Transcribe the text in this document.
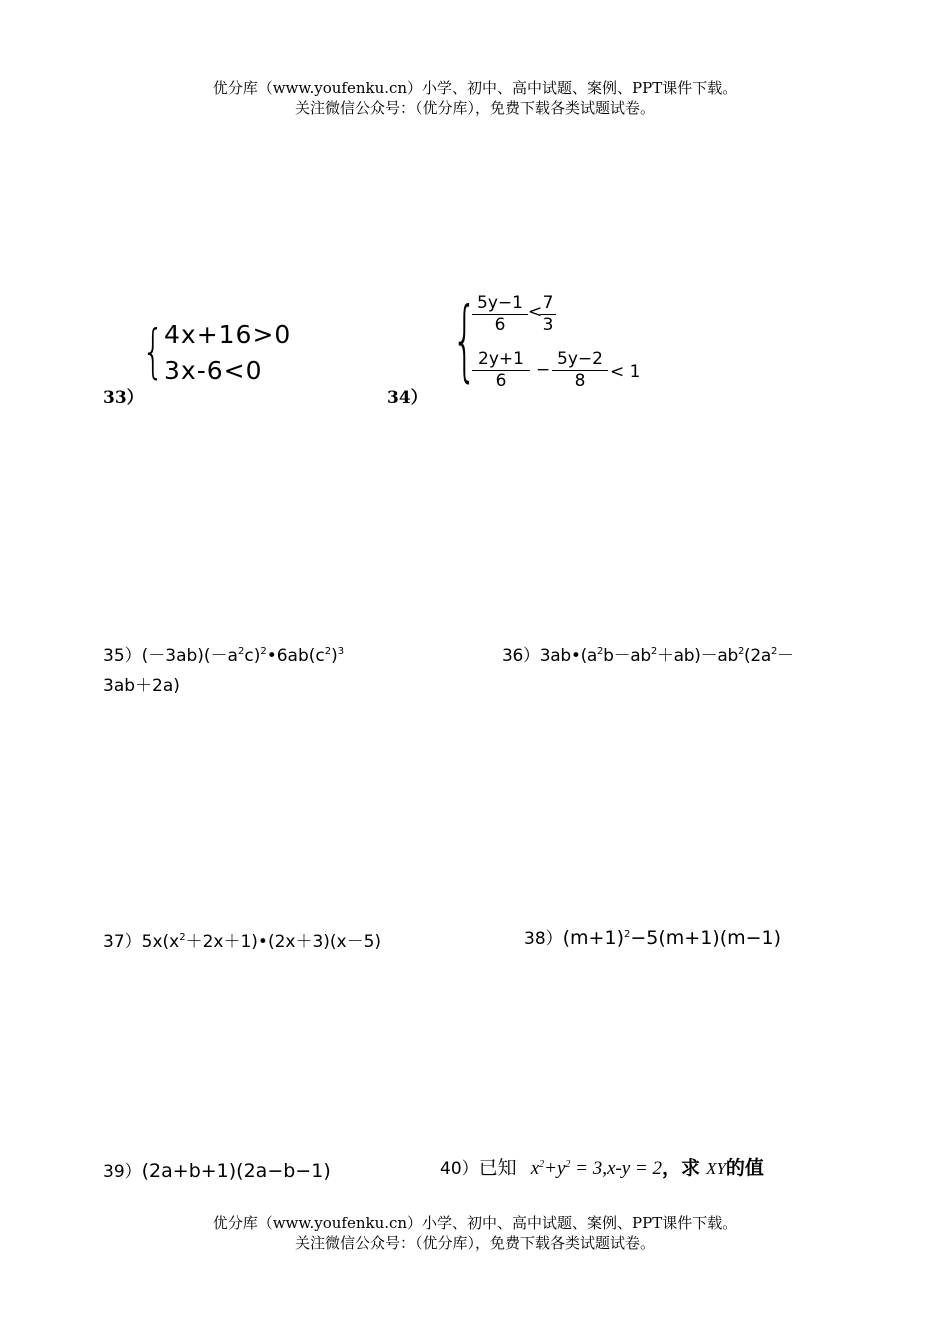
优分库（www.youfenku.cn）小学、初中、高中试题、案例、PPT课件下载。
关注微信公众号：（优分库），免费下载各类试题试卷。
33）
{ 4x+16>0
3x-6<0
34）
{
$\frac{5y-1}{6}$ <
$\frac{7}{3}$
$\frac{2y+1}{6} - \frac{5y-2}{8} < 1$
$35)(-3ab)(-a^2c)^2•6ab(c^2)^3$
3ab＋2a)
$36)3ab•(a^2b-ab^2+ab)-ab^2(2a^2-$
$37)5x(x^2+2x+1)•(2x+3)(x-5)$	$38)(m+1)^2-5(m+1)(m-1)$
39）(2a+b+1)(2a−b−1)	40）已知 $x^2+y^2 = 3,x-y = 2$，求 XY的值
优分库（www.youfenku.cn）小学、初中、高中试题、案例、PPT课件下载。
关注微信公众号：（优分库），免费下载各类试题试卷。
